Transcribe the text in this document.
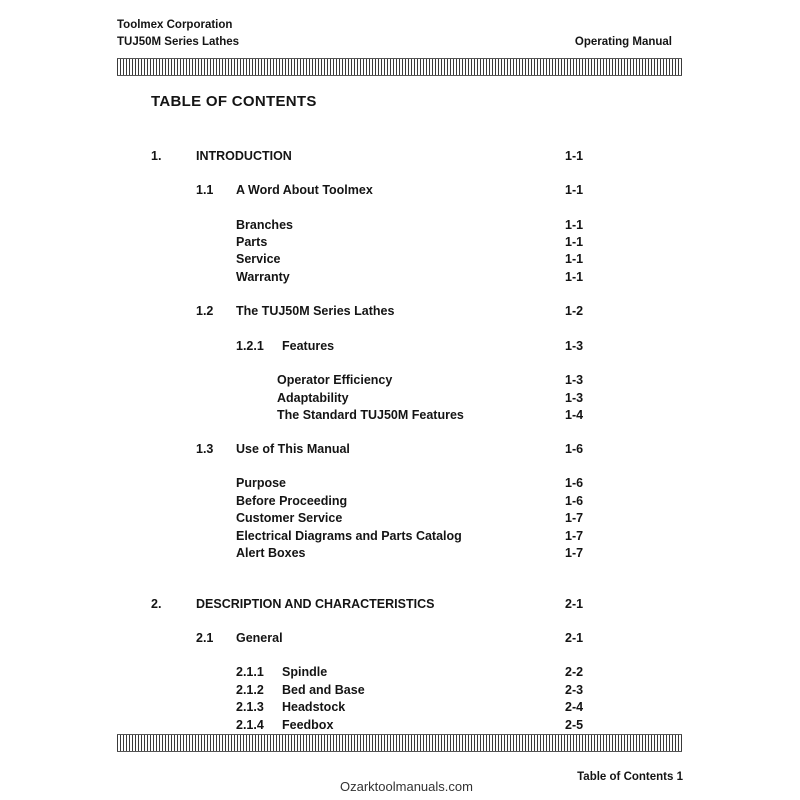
Toolmex Corporation
TUJ50M Series Lathes	Operating Manual
TABLE OF CONTENTS
1.	INTRODUCTION	1-1
1.1 A Word About Toolmex	1-1
Branches	1-1
Parts	1-1
Service	1-1
Warranty	1-1
1.2 The TUJ50M Series Lathes	1-2
1.2.1 Features	1-3
Operator Efficiency	1-3
Adaptability	1-3
The Standard TUJ50M Features	1-4
1.3 Use of This Manual	1-6
Purpose	1-6
Before Proceeding	1-6
Customer Service	1-7
Electrical Diagrams and Parts Catalog	1-7
Alert Boxes	1-7
2.	DESCRIPTION AND CHARACTERISTICS	2-1
2.1 General	2-1
2.1.1 Spindle	2-2
2.1.2 Bed and Base	2-3
2.1.3 Headstock	2-4
2.1.4 Feedbox	2-5
Ozarktoolmanuals.com
Table of Contents 1
